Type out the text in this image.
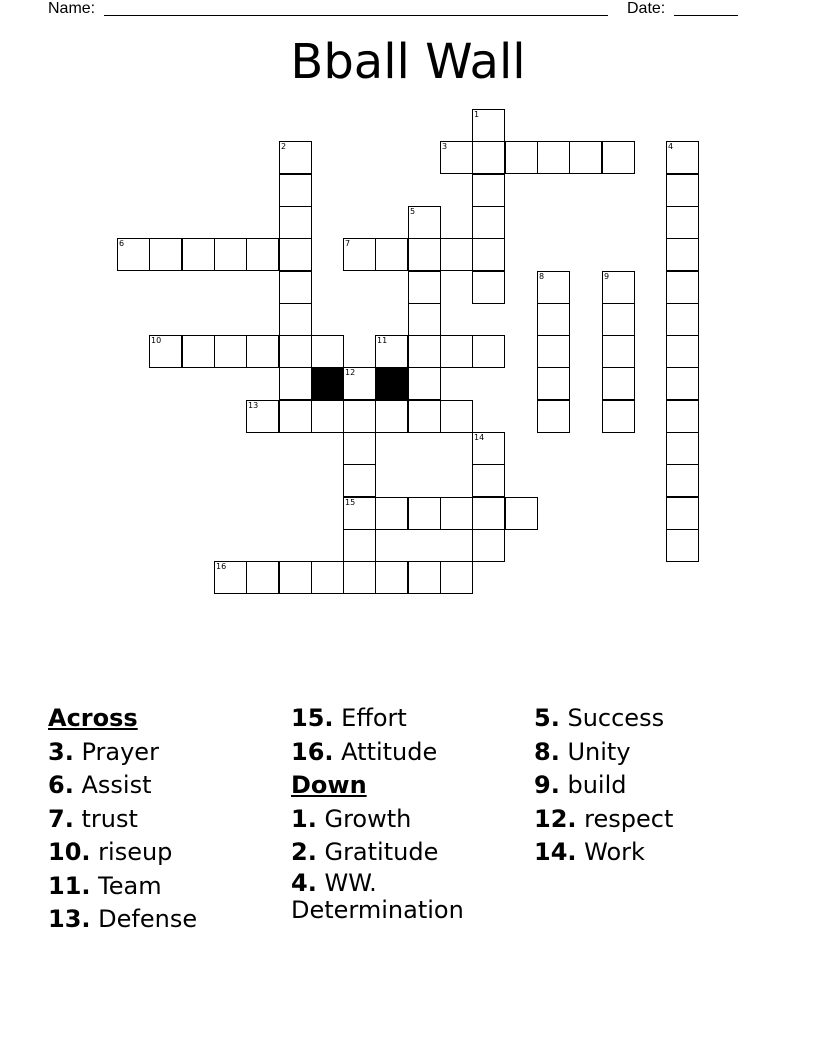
Name:	Date:
Bball Wall
1
2	3	4
5
6	7
8	9
10	11
12
13
14
15
16

Across

3. Prayer

6. Assist

7. trust

10. riseup

11. Team

13. Defense

15. Effort

16. Attitude

Down

1. Growth

2. Gratitude

4. WW. Determination

5. Success

8. Unity

9. build

12. respect

14. Work
